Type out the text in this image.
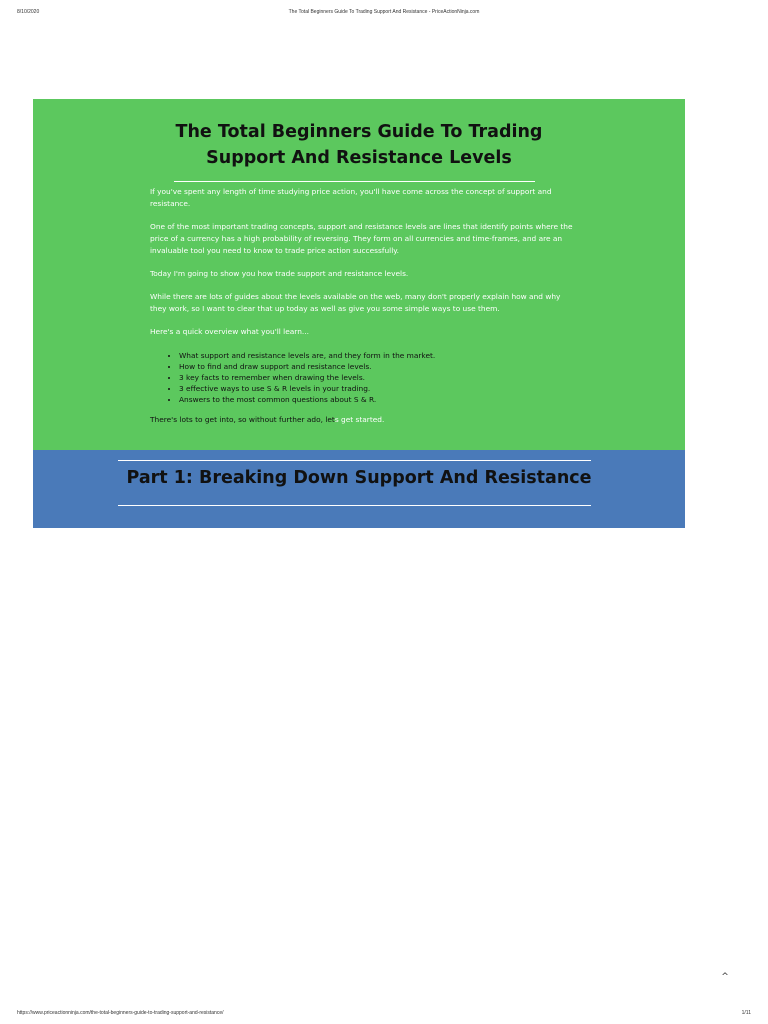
8/10/2020	The Total Beginners Guide To Trading Support And Resistance - PriceActionNinja.com
The Total Beginners Guide To Trading
Support And Resistance Levels

If you've spent any length of time studying price action, you'll have come across the concept of support and resistance.

One of the most important trading concepts, support and resistance levels are lines that identify points where the price of a currency has a high probability of reversing. They form on all currencies and time-frames, and are an invaluable tool you need to know to trade price action successfully.

Today I'm going to show you how trade support and resistance levels.

While there are lots of guides about the levels available on the web, many don't properly explain how and why they work, so I want to clear that up today as well as give you some simple ways to use them.

Here's a quick overview what you'll learn...

• What support and resistance levels are, and they form in the market.
• How to find and draw support and resistance levels.
• 3 key facts to remember when drawing the levels.
• 3 effective ways to use S & R levels in your trading.
• Answers to the most common questions about S & R.

There's lots to get into, so without further ado, lets get started.

Part 1: Breaking Down Support And Resistance
^
https://www.priceactionninja.com/the-total-beginners-guide-to-trading-support-and-resistance/	1/11
